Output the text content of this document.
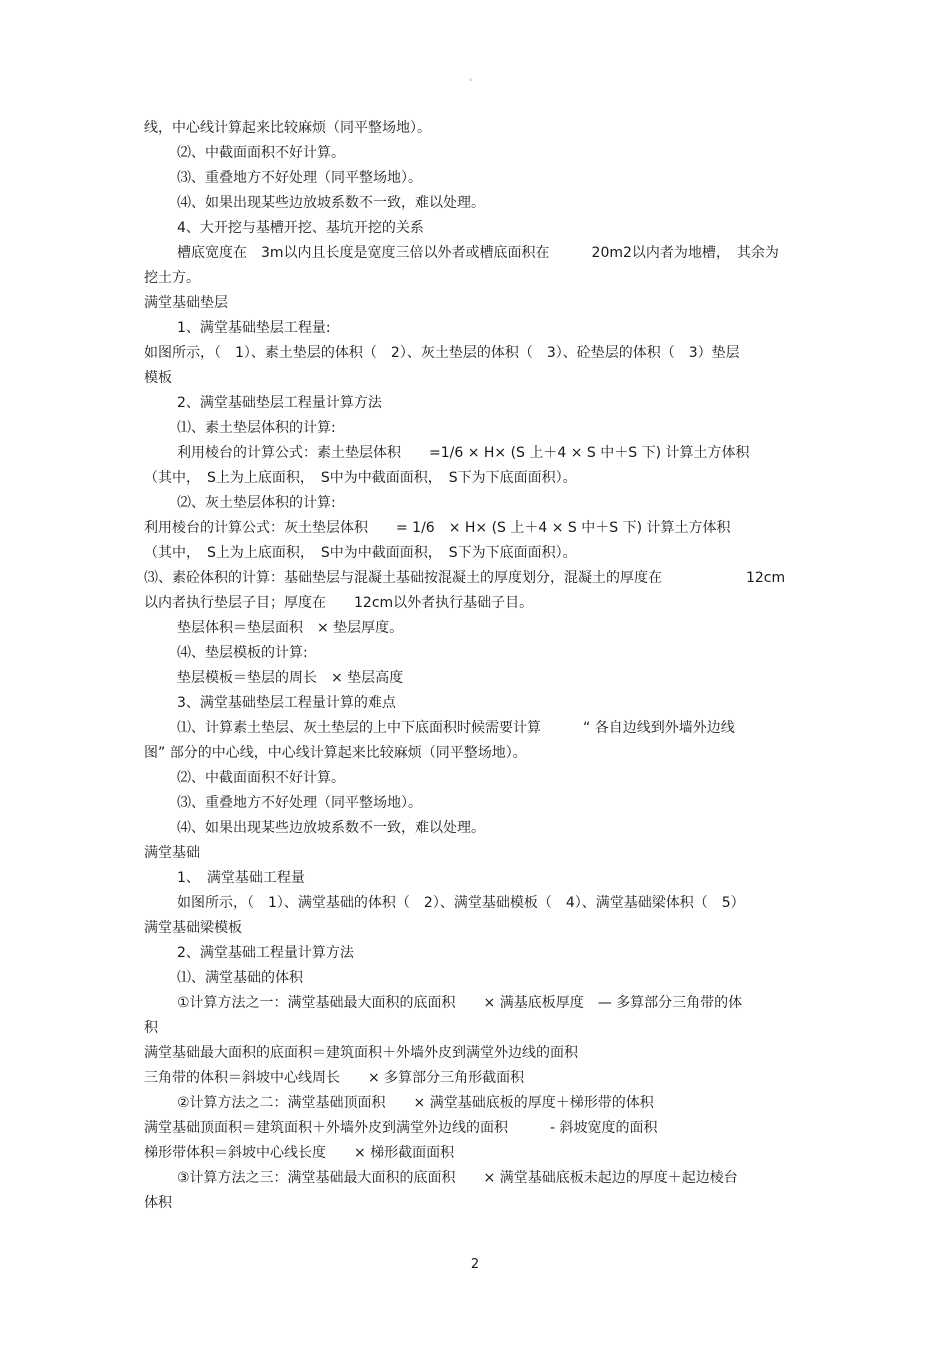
。
线，中心线计算起来比较麻烦（同平整场地）。
⑵、中截面面积不好计算。
⑶、重叠地方不好处理（同平整场地）。
⑷、如果出现某些边放坡系数不一致，难以处理。
4、大开挖与基槽开挖、基坑开挖的关系
槽底宽度在　3m以内且长度是宽度三倍以外者或槽底面积在　　　20m2以内者为地槽，　其余为
挖土方。
满堂基础垫层
1、满堂基础垫层工程量:
如图所示，（　1）、素土垫层的体积（　2）、灰土垫层的体积（　3）、砼垫层的体积（　3）垫层
模板
2、满堂基础垫层工程量计算方法
⑴、素土垫层体积的计算:
利用棱台的计算公式：素土垫层体积　　=1/6 × H× (S 上＋4 × S 中＋S 下) 计算土方体积
（其中，　S上为上底面积，　S中为中截面面积，　S下为下底面面积）。
⑵、灰土垫层体积的计算:
利用棱台的计算公式：灰土垫层体积　　= 1/6　× H× (S 上＋4 × S 中＋S 下) 计算土方体积
（其中，　S上为上底面积，　S中为中截面面积，　S下为下底面面积）。
⑶、素砼体积的计算：基础垫层与混凝土基础按混凝土的厚度划分，混凝土的厚度在　　　　　　12cm
以内者执行垫层子目；厚度在　　12cm以外者执行基础子目。
垫层体积＝垫层面积　× 垫层厚度。
⑷、垫层模板的计算:
垫层模板＝垫层的周长　× 垫层高度
3、满堂基础垫层工程量计算的难点
⑴、计算素土垫层、灰土垫层的上中下底面积时候需要计算　　　“ 各自边线到外墙外边线
图” 部分的中心线，中心线计算起来比较麻烦（同平整场地）。
⑵、中截面面积不好计算。
⑶、重叠地方不好处理（同平整场地）。
⑷、如果出现某些边放坡系数不一致，难以处理。
满堂基础
1、　满堂基础工程量
如图所示，（　1）、满堂基础的体积（　2）、满堂基础模板（　4）、满堂基础梁体积（　5）
满堂基础梁模板
2、满堂基础工程量计算方法
⑴、满堂基础的体积
①计算方法之一：满堂基础最大面积的底面积　　× 满基底板厚度　— 多算部分三角带的体
积
满堂基础最大面积的底面积＝建筑面积＋外墙外皮到满堂外边线的面积
三角带的体积＝斜坡中心线周长　　× 多算部分三角形截面积
②计算方法之二：满堂基础顶面积　　× 满堂基础底板的厚度＋梯形带的体积
满堂基础顶面积＝建筑面积＋外墙外皮到满堂外边线的面积　　　- 斜坡宽度的面积
梯形带体积＝斜坡中心线长度　　× 梯形截面面积
③计算方法之三：满堂基础最大面积的底面积　　× 满堂基础底板未起边的厚度＋起边棱台
体积
2
